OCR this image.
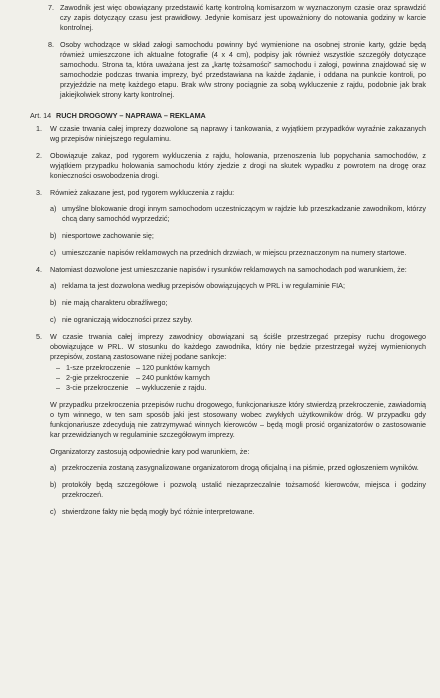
7. Zawodnik jest więc obowiązany przedstawić kartę kontrolną komisarzom w wyznaczonym czasie oraz sprawdzić czy zapis dotyczący czasu jest prawidłowy. Jedynie komisarz jest upoważniony do notowania godziny w karcie kontrolnej.

8. Osoby wchodzące w skład załogi samochodu powinny być wymienione na osobnej stronie karty, gdzie będą również umieszczone ich aktualne fotografie (4 x 4 cm), podpisy jak również wszystkie szczegóły dotyczące samochodu. Strona ta, która uważana jest za „kartę tożsamości” samochodu i załogi, powinna znajdować się w samochodzie podczas trwania imprezy, być przedstawiana na każde żądanie, i oddana na punkcie kontroli, po przyjeździe na metę każdego etapu. Brak w/w strony pociągnie za sobą wykluczenie z rajdu, podobnie jak brak jakiejkolwiek strony karty kontrolnej.

Art. 14 RUCH DROGOWY – NAPRAWA – REKLAMA
1.	W czasie trwania całej imprezy dozwolone są naprawy i tankowania, z wyjątkiem przypadków wyraźnie zakazanych wg przepisów niniejszego regulaminu.

2.	Obowiązuje zakaz, pod rygorem wykluczenia z rajdu, holowania, przenoszenia lub popychania samochodów, z wyjątkiem przypadku holowania samochodu który zjedzie z drogi na skutek wypadku z powrotem na drogę oraz konieczności oswobodzenia drogi.

3.	Również zakazane jest, pod rygorem wykluczenia z rajdu:

a) umyślne blokowanie drogi innym samochodom uczestniczącym w rajdzie lub przeszkadzanie zawodnikom, którzy chcą dany samochód wyprzedzić;
b) niesportowe zachowanie się;
c) umieszczanie napisów reklamowych na przednich drzwiach, w miejscu przeznaczonym na numery startowe.
4.	Natomiast dozwolone jest umieszczanie napisów i rysunków reklamowych na samochodach pod warunkiem, że:

a) reklama ta jest dozwolona według przepisów obowiązujących w PRL i w regulaminie FIA;
b) nie mają charakteru obraźliwego;
c) nie ograniczają widoczności przez szyby.
5.	W czasie trwania całej imprezy zawodnicy obowiązani są ściśle przestrzegać przepisy ruchu drogowego obowiązujące w PRL. W stosunku do każdego zawodnika, który nie będzie przestrzegał wyżej wymienionych przepisów, zostaną zastosowane niżej podane sankcje:

– 1-sze przekroczenie – 120 punktów karnych
– 2-gie przekroczenie	– 240 punktów karnych
– 3-cie przekroczenie	– wykluczenie z rajdu.

W przypadku przekroczenia przepisów ruchu drogowego, funkcjonariusze który stwierdzą przekroczenie, zawiadomią o tym winnego, w ten sam sposób jaki jest stosowany wobec zwykłych użytkowników dróg. W przypadku gdy funkcjonariusze zdecydują nie zatrzymywać winnych kierowców – będą mogli prosić organizatorów o zastosowanie kar przewidzianych w regulaminie szczegółowym imprezy.

Organizatorzy zastosują odpowiednie kary pod warunkiem, że:

a) przekroczenia zostaną zasygnalizowane organizatorom drogą oficjalną i na piśmie, przed ogłoszeniem wyników.
b) protokóły będą szczegółowe i pozwolą ustalić niezaprzeczalnie tożsamość kierowców, miejsca i godziny przekroczeń.
c) stwierdzone fakty nie będą mogły być różnie interpretowane.
